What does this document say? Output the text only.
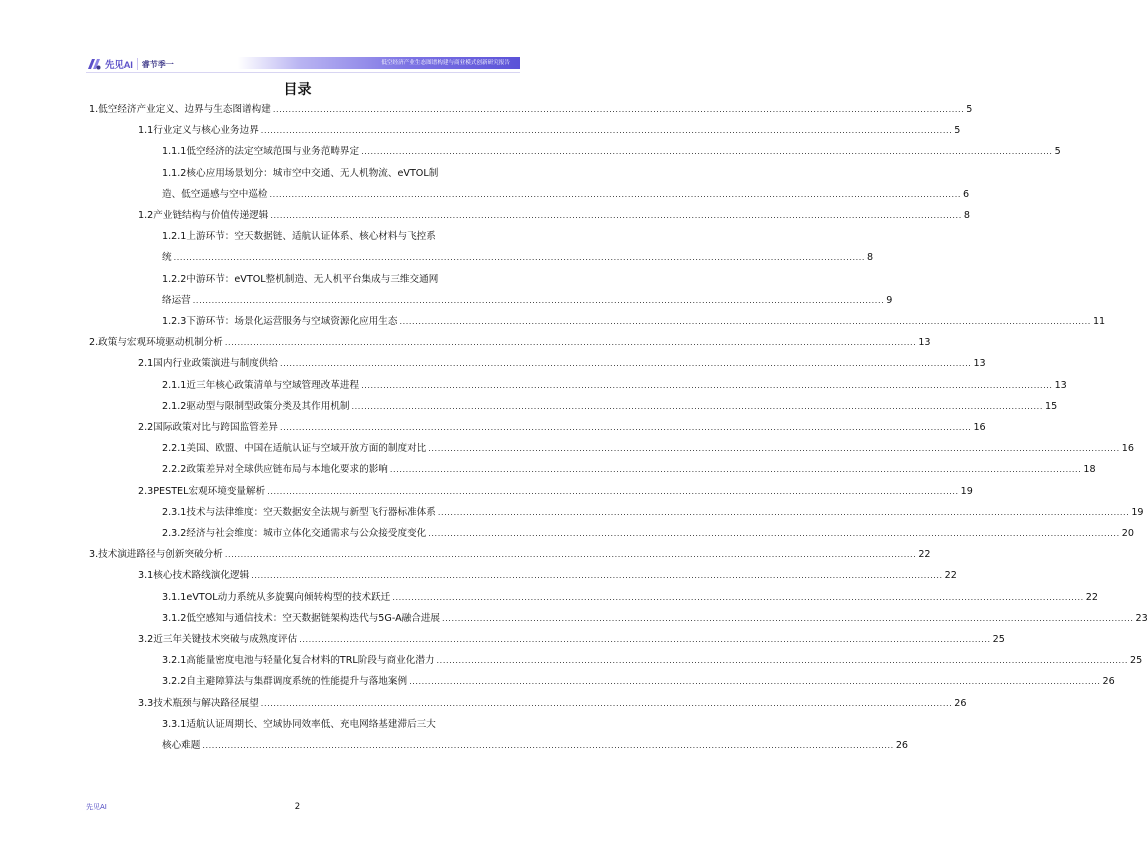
先见AI 睿节季一	低空经济产业生态图谱构建与商业模式创新研究报告
目录
1.低空经济产业定义、边界与生态图谱构建 ............................................................................................................................................................................................................................ 5
1.1行业定义与核心业务边界 ............................................................................................................................................................................................................................ 5
1.1.1低空经济的法定空域范围与业务范畴界定 ............................................................................................................................................................................................................................ 5
1.1.2核心应用场景划分：城市空中交通、无人机物流、eVTOL制
造、低空遥感与空中巡检 ............................................................................................................................................................................................................................ 6
1.2产业链结构与价值传递逻辑 ............................................................................................................................................................................................................................ 8
1.2.1上游环节：空天数据链、适航认证体系、核心材料与飞控系
统 ............................................................................................................................................................................................................................ 8
1.2.2中游环节：eVTOL整机制造、无人机平台集成与三维交通网
络运营 ............................................................................................................................................................................................................................ 9
1.2.3下游环节：场景化运营服务与空域资源化应用生态 ............................................................................................................................................................................................................................ 11
2.政策与宏观环境驱动机制分析 ............................................................................................................................................................................................................................ 13
2.1国内行业政策演进与制度供给 ............................................................................................................................................................................................................................ 13
2.1.1近三年核心政策清单与空域管理改革进程 ............................................................................................................................................................................................................................ 13
2.1.2驱动型与限制型政策分类及其作用机制 ............................................................................................................................................................................................................................ 15
2.2国际政策对比与跨国监管差异 ............................................................................................................................................................................................................................ 16
2.2.1美国、欧盟、中国在适航认证与空域开放方面的制度对比 ............................................................................................................................................................................................................................ 16
2.2.2政策差异对全球供应链布局与本地化要求的影响 ............................................................................................................................................................................................................................ 18
2.3PESTEL宏观环境变量解析 ............................................................................................................................................................................................................................ 19
2.3.1技术与法律维度：空天数据安全法规与新型飞行器标准体系 ............................................................................................................................................................................................................................ 19
2.3.2经济与社会维度：城市立体化交通需求与公众接受度变化 ............................................................................................................................................................................................................................ 20
3.技术演进路径与创新突破分析 ............................................................................................................................................................................................................................ 22
3.1核心技术路线演化逻辑 ............................................................................................................................................................................................................................ 22
3.1.1eVTOL动力系统从多旋翼向倾转构型的技术跃迁 ............................................................................................................................................................................................................................ 22
3.1.2低空感知与通信技术：空天数据链架构迭代与5G-A融合进展 ............................................................................................................................................................................................................................ 23
3.2近三年关键技术突破与成熟度评估 ............................................................................................................................................................................................................................ 25
3.2.1高能量密度电池与轻量化复合材料的TRL阶段与商业化潜力 ............................................................................................................................................................................................................................ 25
3.2.2自主避障算法与集群调度系统的性能提升与落地案例 ............................................................................................................................................................................................................................ 26
3.3技术瓶颈与解决路径展望 ............................................................................................................................................................................................................................ 26
3.3.1适航认证周期长、空域协同效率低、充电网络基建滞后三大
核心难题 ............................................................................................................................................................................................................................ 26
先见AI	2
